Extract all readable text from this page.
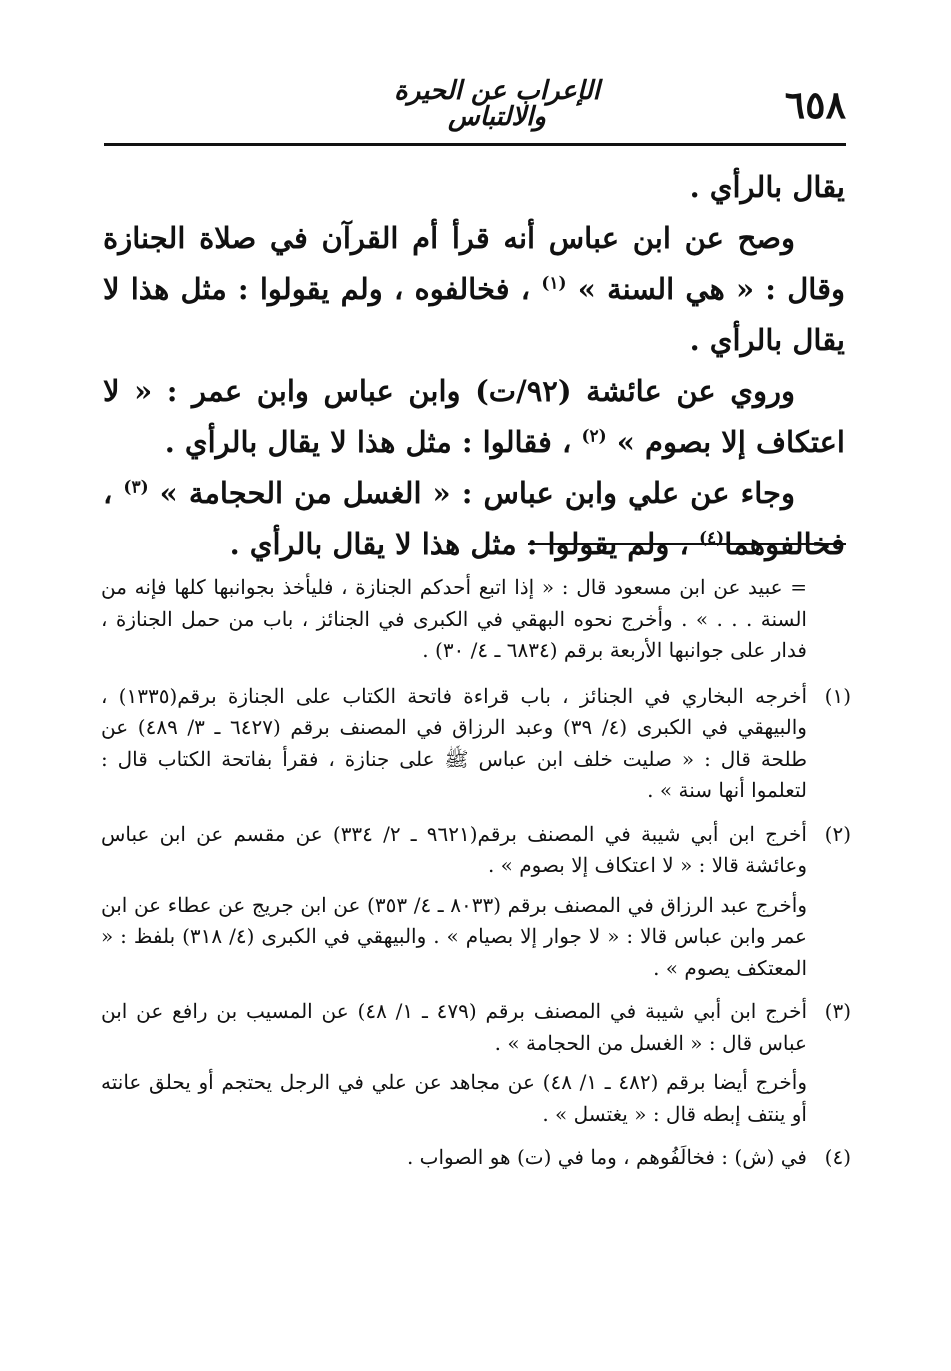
٦٥٨
الإعراب عن الحيرة والالتباس

يقال بالرأي .

وصح عن ابن عباس أنه قرأ أم القرآن في صلاة الجنازة وقال : « هي السنة » $^{(١)}$ ، فخالفوه ، ولم يقولوا : مثل هذا لا يقال بالرأي .

وروي عن عائشة (٩٢/ت) وابن عباس وابن عمر : « لا اعتكاف إلا بصوم » $^{(٢)}$ ، فقالوا : مثل هذا لا يقال بالرأي .

وجاء عن علي وابن عباس : « الغسل من الحجامة » $^{(٣)}$ ، فخالفوهما$^{(٤)}$ ، ولم يقولوا : مثل هذا لا يقال بالرأي .

= عبيد عن ابن مسعود قال : « إذا اتبع أحدكم الجنازة ، فليأخذ بجوانبها كلها فإنه من السنة . . . » . وأخرج نحوه البهقي في الكبرى في الجنائز ، باب من حمل الجنازة ، فدار على جوانبها الأربعة برقم (٦٨٣٤ ـ ٤/ ٣٠) .

(١)

أخرجه البخاري في الجنائز ، باب قراءة فاتحة الكتاب على الجنازة برقم(١٣٣٥) ، والبيهقي في الكبرى (٤/ ٣٩) وعبد الرزاق في المصنف برقم (٦٤٢٧ ـ ٣/ ٤٨٩) عن طلحة قال : « صليت خلف ابن عباس ﷺ على جنازة ، فقرأ بفاتحة الكتاب قال : لتعلموا أنها سنة » .

(٢)

أخرج ابن أبي شيبة في المصنف برقم(٩٦٢١ ـ ٢/ ٣٣٤) عن مقسم عن ابن عباس وعائشة قالا : « لا اعتكاف إلا بصوم » .

وأخرج عبد الرزاق في المصنف برقم (٨٠٣٣ ـ ٤/ ٣٥٣) عن ابن جريج عن عطاء عن ابن عمر وابن عباس قالا : « لا جوار إلا بصيام » . والبيهقي في الكبرى (٤/ ٣١٨) بلفظ : « المعتكف يصوم » .

(٣)

أخرج ابن أبي شيبة في المصنف برقم (٤٧٩ ـ ١/ ٤٨) عن المسيب بن رافع عن ابن عباس قال : « الغسل من الحجامة » .

وأخرج أيضا برقم (٤٨٢ ـ ١/ ٤٨) عن مجاهد عن علي في الرجل يحتجم أو يحلق عانته أو ينتف إبطه قال : « يغتسل » .

(٤)

في (ش) : فخالَفُوهم ، وما في (ت) هو الصواب .
